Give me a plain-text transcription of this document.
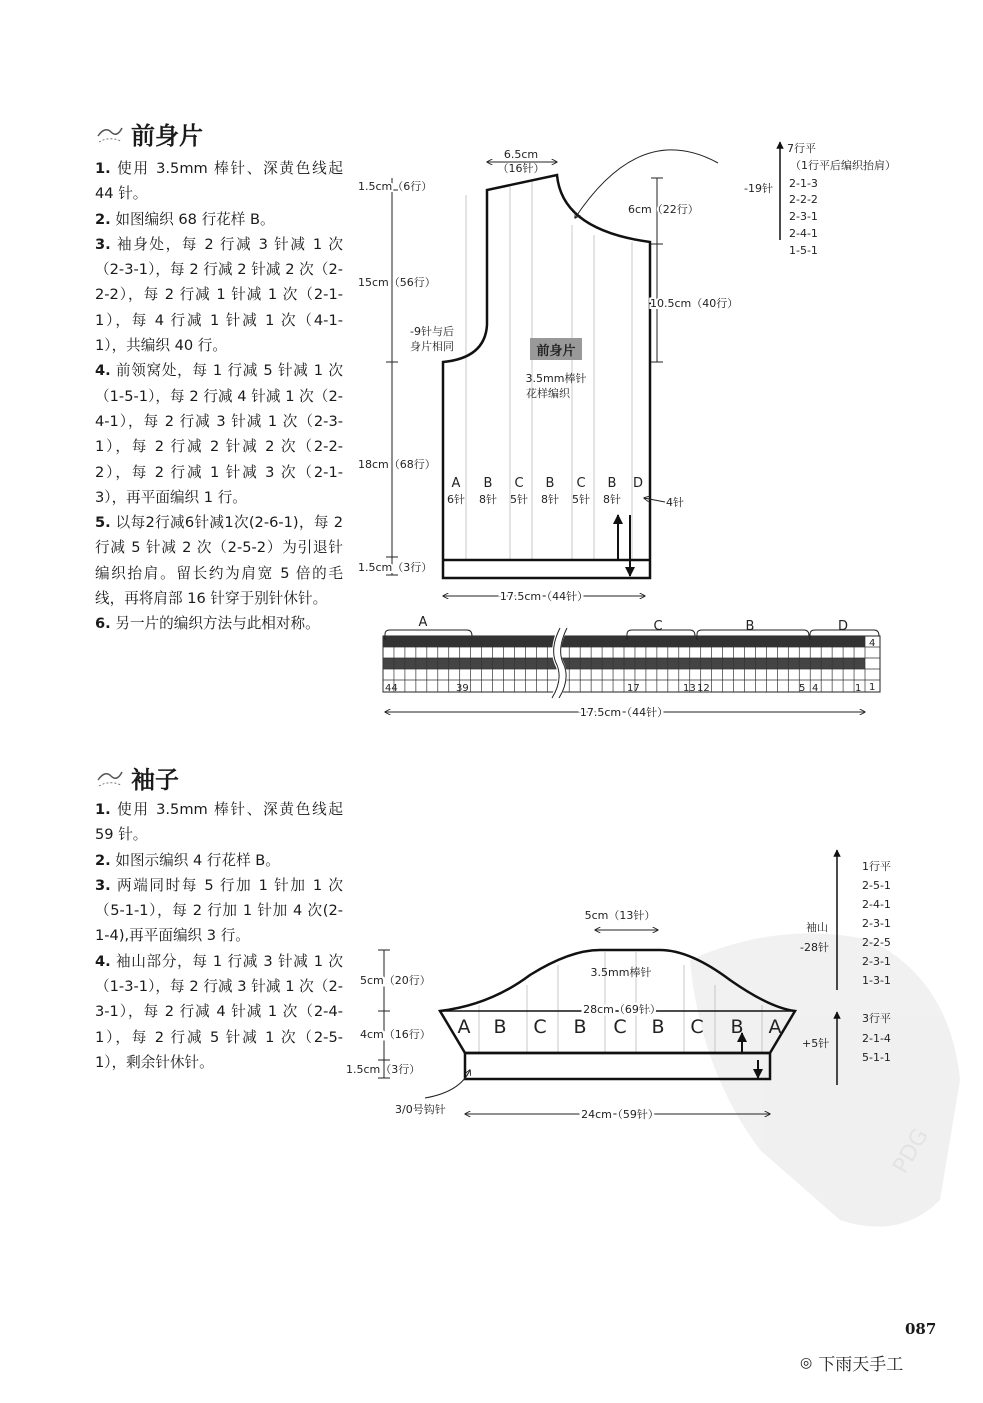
前身片

1. 使用 3.5mm 棒针、深黄色线起 44 针。

2. 如图编织 68 行花样 B。

3. 袖身处，每 2 行减 3 针减 1 次（2-3-1），每 2 行减 2 针减 2 次（2-2-2），每 2 行减 1 针减 1 次（2-1-1），每 4 行减 1 针减 1 次（4-1-1），共编织 40 行。

4. 前领窝处，每 1 行减 5 针减 1 次（1-5-1），每 2 行减 4 针减 1 次（2-4-1），每 2 行减 3 针减 1 次（2-3-1），每 2 行减 2 针减 2 次（2-2-2），每 2 行减 1 针减 3 次（2-1-3），再平面编织 1 行。

5. 以每2行减6针减1次(2-6-1)，每 2 行减 5 针减 2 次（2-5-2）为引退针编织抬肩。留长约为肩宽 5 倍的毛线，再将肩部 16 针穿于别针休针。

6. 另一片的编织方法与此相对称。

袖子

1. 使用 3.5mm 棒针、深黄色线起 59 针。

2. 如图示编织 4 行花样 B。

3. 两端同时每 5 行加 1 针加 1 次（5-1-1），每 2 行加 1 针加 4 次(2-1-4),再平面编织 3 行。

4. 袖山部分，每 1 行减 3 针减 1 次（1-3-1），每 2 行减 3 针减 1 次（2-3-1），每 2 行减 4 针减 1 次（2-4-1），每 2 行减 5 针减 1 次（2-5-1），剩余针休针。

PDG
前身片
3.5mm棒针
花样编织
6.5cm
（16针）
1.5cm（6行）
15cm（56行）
-9针与后
身片相同
18cm（68行）
1.5cm（3行）
6cm（22行）
10.5cm（40行）
-19针
7行平
（1行平后编织抬肩）
2-1-3
2-2-2
2-3-1
2-4-1
1-5-1
A B C B C B D
6针 8针 5针 8针 5针 8针	4针
17.5cm（44针）
A	C	B	D
4
1
44	39	17	13 12	5 4	1
17.5cm（44针）
5cm（13针）
3.5mm棒针
28cm（69针）
A B C B C B C B A
5cm（20行）
4cm（16行）
1.5cm（3行）
3/0号钩针	24cm（59针）
袖山
-28针
+5针
1行平
2-5-1
2-4-1
2-3-1
2-2-5
2-3-1
1-3-1
3行平
2-1-4
5-1-1
087
◎ 下雨天手工
